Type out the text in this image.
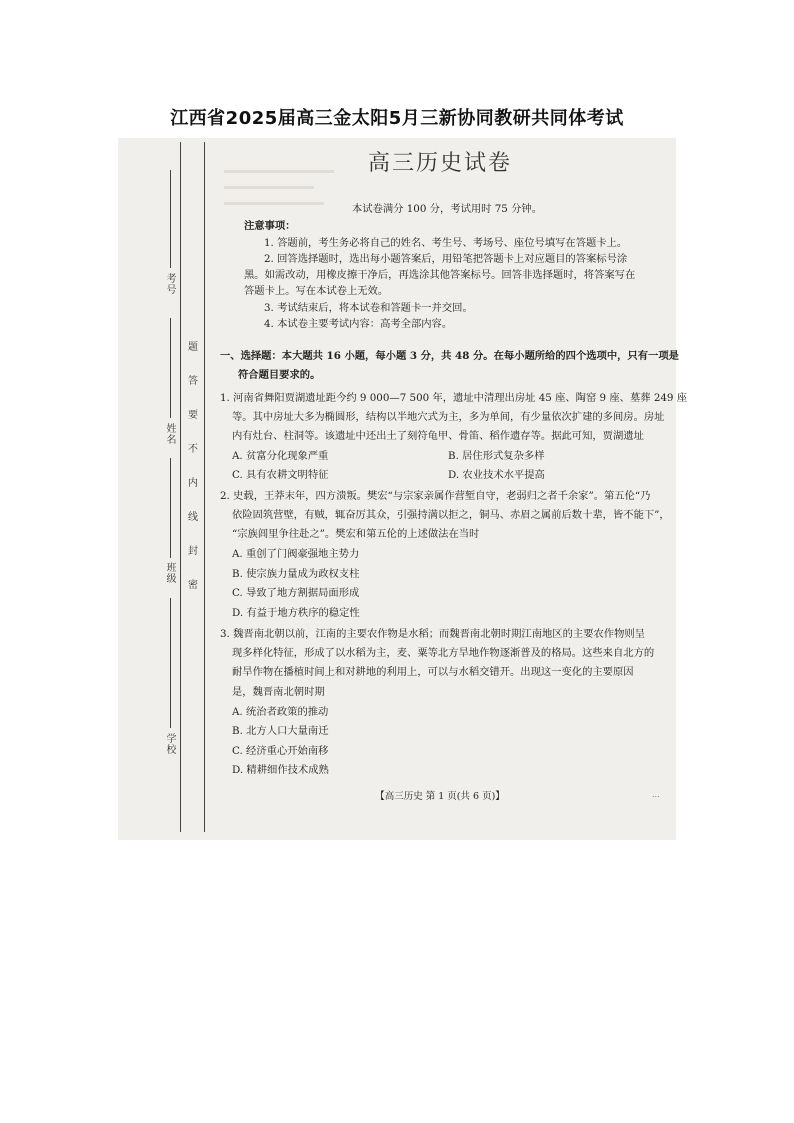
江西省2025届高三金太阳5月三新协同教研共同体考试
考号
姓名
班级
学校
题
答
要
不
内
线
封
密
高三历史试卷
本试卷满分 100 分，考试用时 75 分钟。
注意事项：
1. 答题前，考生务必将自己的姓名、考生号、考场号、座位号填写在答题卡上。
2. 回答选择题时，选出每小题答案后，用铅笔把答题卡上对应题目的答案标号涂
黑。如需改动，用橡皮擦干净后，再选涂其他答案标号。回答非选择题时，将答案写在
答题卡上。写在本试卷上无效。
3. 考试结束后，将本试卷和答题卡一并交回。
4. 本试卷主要考试内容：高考全部内容。
一、选择题：本大题共 16 小题，每小题 3 分，共 48 分。在每小题所给的四个选项中，只有一项是
符合题目要求的。
1. 河南省舞阳贾湖遗址距今约 9 000—7 500 年，遗址中清理出房址 45 座、陶窑 9 座、墓葬 249 座
等。其中房址大多为椭圆形，结构以半地穴式为主，多为单间，有少量依次扩建的多间房。房址
内有灶台、柱洞等。该遗址中还出土了刻符龟甲、骨笛、稻作遗存等。据此可知，贾湖遗址
A. 贫富分化现象严重	B. 居住形式复杂多样
C. 具有农耕文明特征	D. 农业技术水平提高
2. 史载，王莽末年，四方溃叛。樊宏“与宗家亲属作营堑自守，老弱归之者千余家”。第五伦“乃
依险固筑营壁，有贼，辄奋厉其众，引强持满以拒之，铜马、赤眉之属前后数十辈，皆不能下”，
“宗族闾里争往赴之”。樊宏和第五伦的上述做法在当时
A. 重创了门阀豪强地主势力
B. 使宗族力量成为政权支柱
C. 导致了地方割据局面形成
D. 有益于地方秩序的稳定性
3. 魏晋南北朝以前，江南的主要农作物是水稻；而魏晋南北朝时期江南地区的主要农作物则呈
现多样化特征，形成了以水稻为主，麦、粟等北方旱地作物逐渐普及的格局。这些来自北方的
耐旱作物在播植时间上和对耕地的利用上，可以与水稻交错开。出现这一变化的主要原因
是，魏晋南北朝时期
A. 统治者政策的推动
B. 北方人口大量南迁
C. 经济重心开始南移
D. 精耕细作技术成熟
【高三历史 第 1 页(共 6 页)】	...
